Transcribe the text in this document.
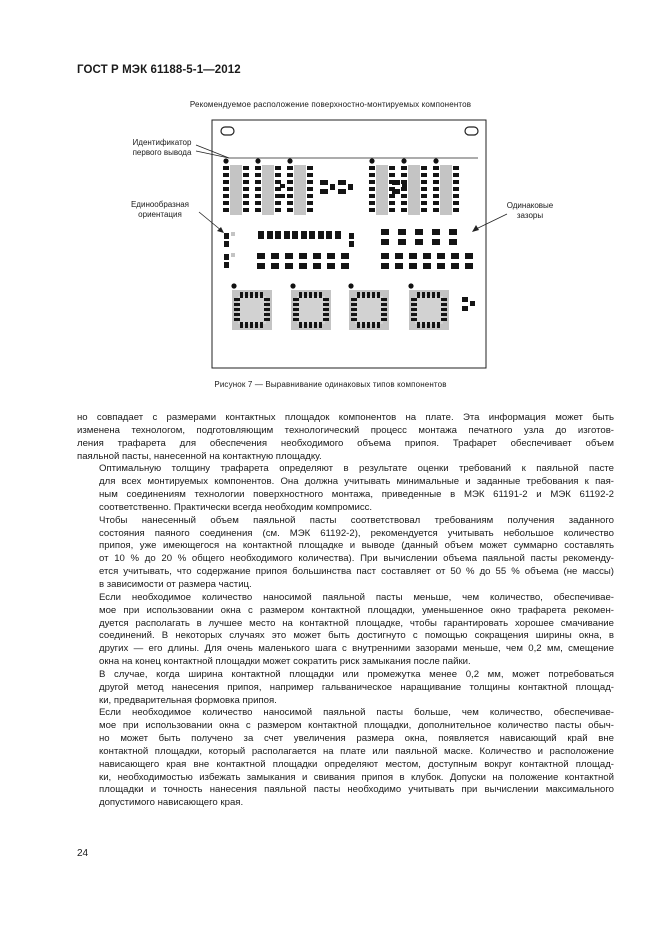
ГОСТ Р МЭК 61188-5-1—2012
Рекомендуемое расположение поверхностно-монтируемых компонентов
Идентификатор
первого вывода
Единообразная
ориентация
Одинаковые
зазоры
Рисунок 7 — Выравнивание одинаковых типов компонентов

но совпадает с размерами контактных площадок компонентов на плате. Эта информация может быть
изменена технологом, подготовляющим технологический процесс монтажа печатного узла до изготов-
ления трафарета для обеспечения необходимого объема припоя. Трафарет обеспечивает объем
паяльной пасты, нанесенной на контактную площадку.

Оптимальную толщину трафарета определяют в результате оценки требований к паяльной пасте
для всех монтируемых компонентов. Она должна учитывать минимальные и заданные требования к пая-
ным соединениям технологии поверхностного монтажа, приведенные в МЭК 61191-2 и МЭК 61192-2
соответственно. Практически всегда необходим компромисс.

Чтобы нанесенный объем паяльной пасты соответствовал требованиям получения заданного
состояния паяного соединения (см. МЭК 61192-2), рекомендуется учитывать небольшое количество
припоя, уже имеющегося на контактной площадке и выводе (данный объем может суммарно составлять
от 10 % до 20 % общего необходимого количества). При вычислении объема паяльной пасты рекоменду-
ется учитывать, что содержание припоя большинства паст составляет от 50 % до 55 % объема (не массы)
в зависимости от размера частиц.

Если необходимое количество наносимой паяльной пасты меньше, чем количество, обеспечивае-
мое при использовании окна с размером контактной площадки, уменьшенное окно трафарета рекомен-
дуется располагать в лучшее место на контактной площадке, чтобы гарантировать хорошее смачивание
соединений. В некоторых случаях это может быть достигнуто с помощью сокращения ширины окна, в
других — его длины. Для очень маленького шага с внутренними зазорами меньше, чем 0,2 мм, смещение
окна на конец контактной площадки может сократить риск замыкания после пайки.

В случае, когда ширина контактной площадки или промежутка менее 0,2 мм, может потребоваться
другой метод нанесения припоя, например гальваническое наращивание толщины контактной площад-
ки, предварительная формовка припоя.

Если необходимое количество наносимой паяльной пасты больше, чем количество, обеспечивае-
мое при использовании окна с размером контактной площадки, дополнительное количество пасты обыч-
но может быть получено за счет увеличения размера окна, появляется нависающий край вне
контактной площадки, который располагается на плате или паяльной маске. Количество и расположение
нависающего края вне контактной площадки определяют местом, доступным вокруг контактной площад-
ки, необходимостью избежать замыкания и свивания припоя в клубок. Допуски на положение контактной
площадки и точность нанесения паяльной пасты необходимо учитывать при вычислении максимального
допустимого нависающего края.

24
